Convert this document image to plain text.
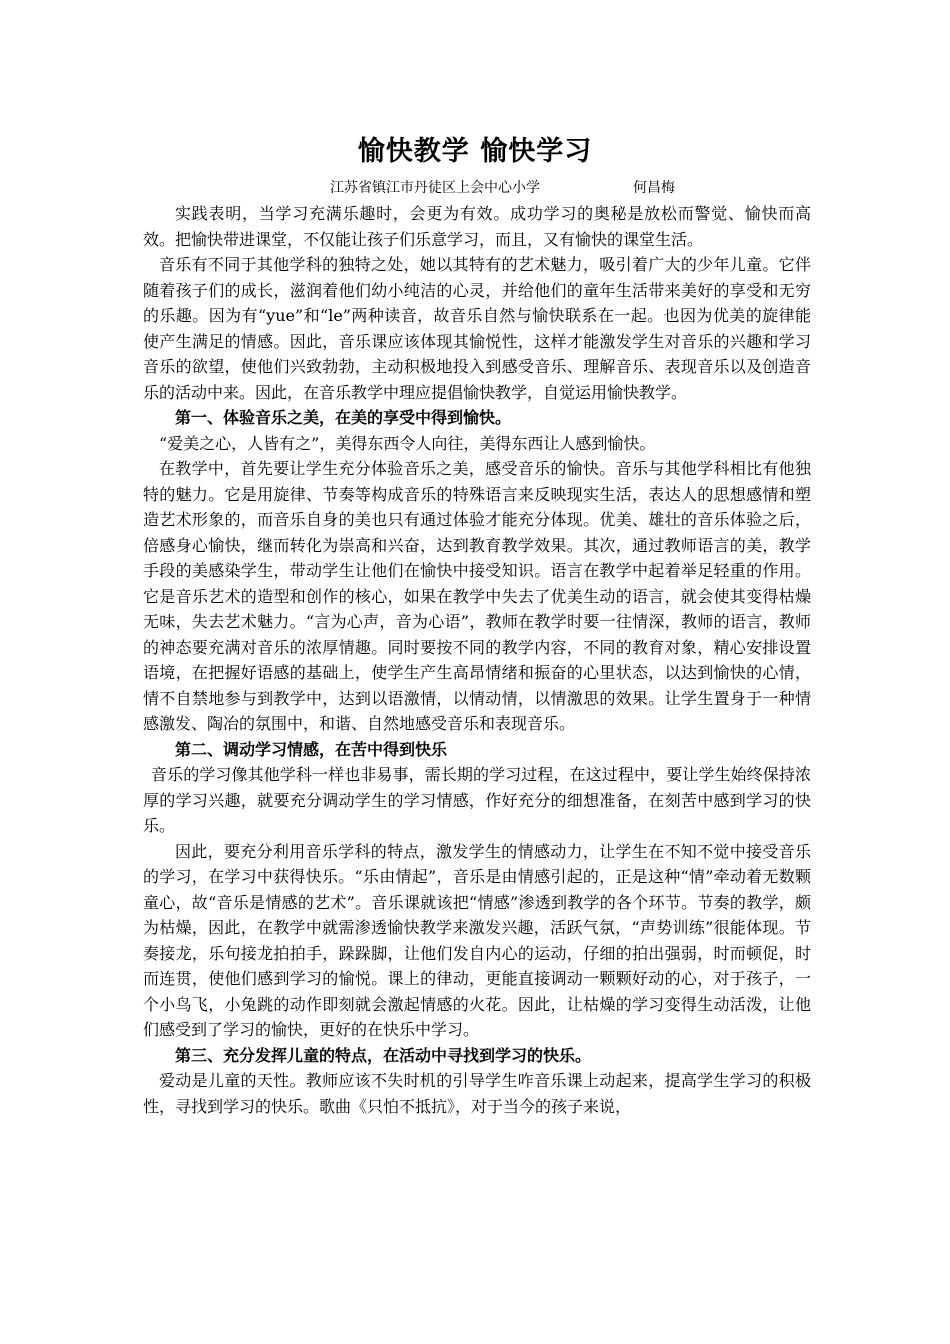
愉快教学 愉快学习
江苏省镇江市丹徒区上会中心小学	何昌梅

实践表明，当学习充满乐趣时，会更为有效。成功学习的奥秘是放松而警觉、愉快而高效。把愉快带进课堂，不仅能让孩子们乐意学习，而且，又有愉快的课堂生活。

音乐有不同于其他学科的独特之处，她以其特有的艺术魅力，吸引着广大的少年儿童。它伴随着孩子们的成长，滋润着他们幼小纯洁的心灵，并给他们的童年生活带来美好的享受和无穷的乐趣。因为有“yue”和“le”两种读音，故音乐自然与愉快联系在一起。也因为优美的旋律能使产生满足的情感。因此，音乐课应该体现其愉悦性，这样才能激发学生对音乐的兴趣和学习音乐的欲望，使他们兴致勃勃，主动积极地投入到感受音乐、理解音乐、表现音乐以及创造音乐的活动中来。因此，在音乐教学中理应提倡愉快教学，自觉运用愉快教学。

第一、体验音乐之美，在美的享受中得到愉快。

“爱美之心，人皆有之”，美得东西令人向往，美得东西让人感到愉快。

在教学中，首先要让学生充分体验音乐之美，感受音乐的愉快。音乐与其他学科相比有他独特的魅力。它是用旋律、节奏等构成音乐的特殊语言来反映现实生活，表达人的思想感情和塑造艺术形象的，而音乐自身的美也只有通过体验才能充分体现。优美、雄壮的音乐体验之后，倍感身心愉快，继而转化为崇高和兴奋，达到教育教学效果。其次，通过教师语言的美，教学手段的美感染学生，带动学生让他们在愉快中接受知识。语言在教学中起着举足轻重的作用。它是音乐艺术的造型和创作的核心，如果在教学中失去了优美生动的语言，就会使其变得枯燥无味，失去艺术魅力。“言为心声，音为心语”，教师在教学时要一往情深，教师的语言，教师的神态要充满对音乐的浓厚情趣。同时要按不同的教学内容，不同的教育对象，精心安排设置语境，在把握好语感的基础上，使学生产生高昂情绪和振奋的心里状态，以达到愉快的心情，情不自禁地参与到教学中，达到以语激情，以情动情，以情激思的效果。让学生置身于一种情感激发、陶冶的氛围中，和谐、自然地感受音乐和表现音乐。

第二、调动学习情感，在苦中得到快乐

音乐的学习像其他学科一样也非易事，需长期的学习过程，在这过程中，要让学生始终保持浓厚的学习兴趣，就要充分调动学生的学习情感，作好充分的细想准备，在刻苦中感到学习的快乐。

因此，要充分利用音乐学科的特点，激发学生的情感动力，让学生在不知不觉中接受音乐的学习，在学习中获得快乐。“乐由情起”，音乐是由情感引起的，正是这种“情”牵动着无数颗童心，故“音乐是情感的艺术”。音乐课就该把“情感”渗透到教学的各个环节。节奏的教学，颇为枯燥，因此，在教学中就需渗透愉快教学来激发兴趣，活跃气氛，“声势训练”很能体现。节奏接龙，乐句接龙拍拍手，跺跺脚，让他们发自内心的运动，仔细的拍出强弱，时而顿促，时而连贯，使他们感到学习的愉悦。课上的律动，更能直接调动一颗颗好动的心，对于孩子，一个小鸟飞，小兔跳的动作即刻就会激起情感的火花。因此，让枯燥的学习变得生动活泼，让他们感受到了学习的愉快，更好的在快乐中学习。

第三、充分发挥儿童的特点，在活动中寻找到学习的快乐。

爱动是儿童的天性。教师应该不失时机的引导学生咋音乐课上动起来，提高学生学习的积极性，寻找到学习的快乐。歌曲《只怕不抵抗》，对于当今的孩子来说，
